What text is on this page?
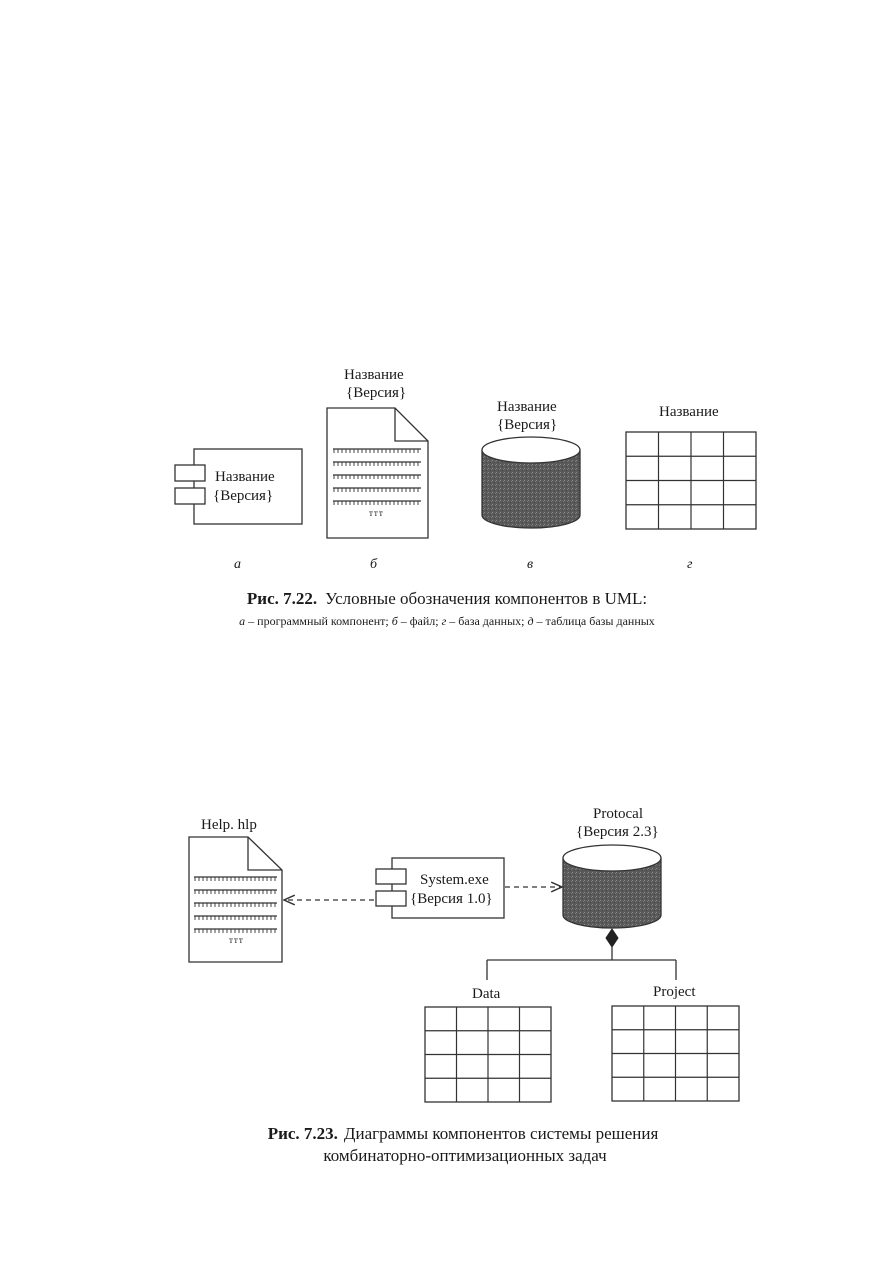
Название
{Версия}
а
Название
{Версия}
ттт
б
Название
{Версия}
в
Название
г
Рис. 7.22. Условные обозначения компонентов в UML:
а – программный компонент; б – файл; г – база данных; д – таблица базы данных
Help. hlp
ттт
System.exe
{Версия 1.0}
Protocal
{Версия 2.3}
Data	Project
Рис. 7.23. Диаграммы компонентов системы решения
комбинаторно-оптимизационных задач
